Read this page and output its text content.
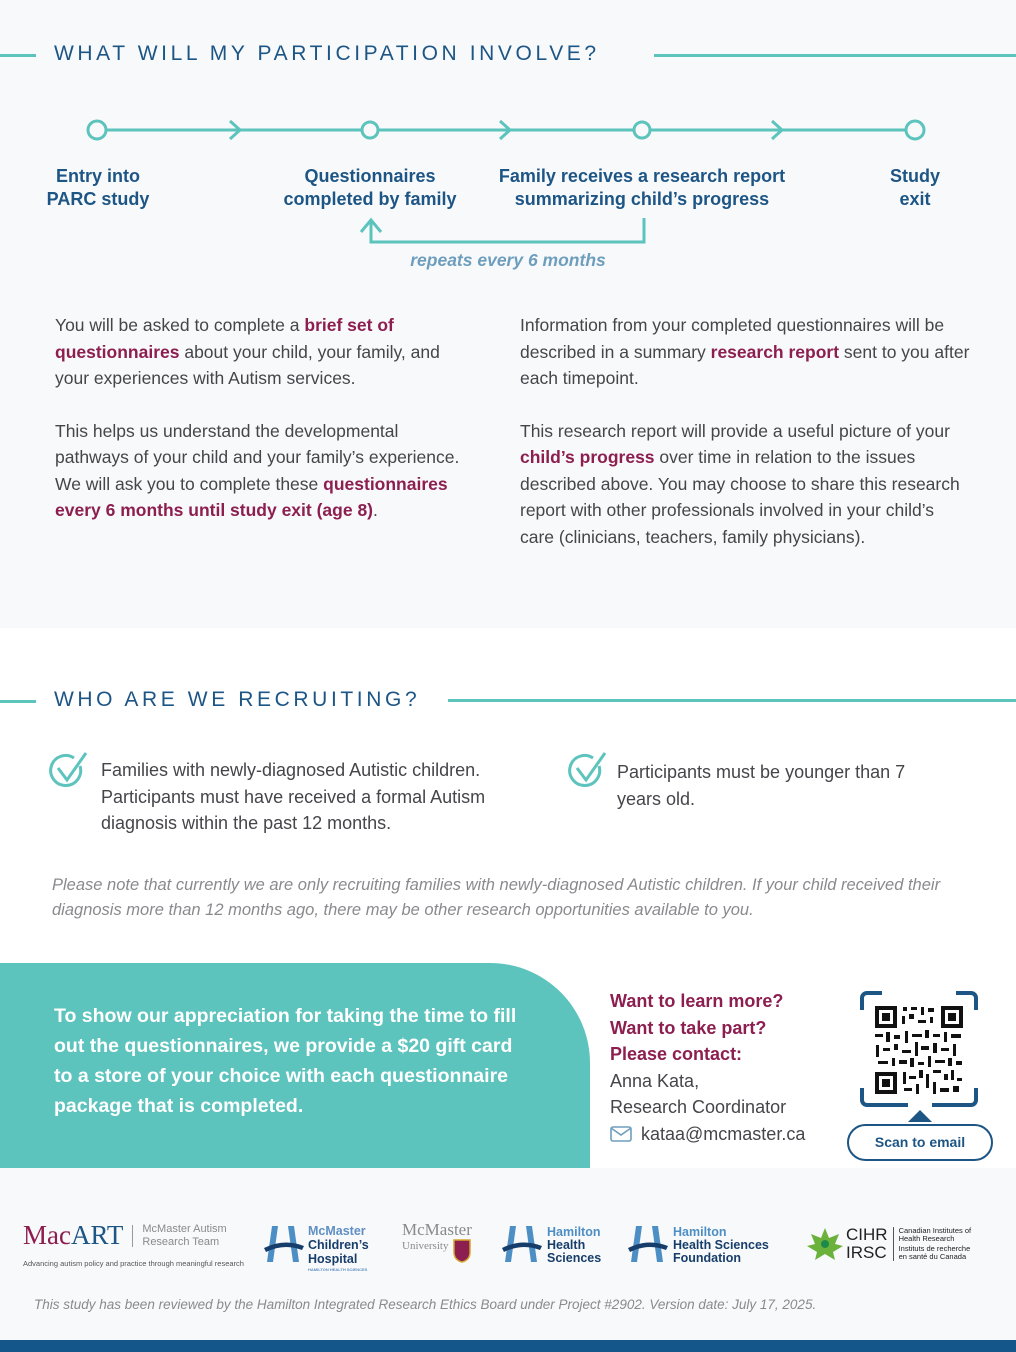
WHAT WILL MY PARTICIPATION INVOLVE?
Entry into
PARC study
Questionnaires
completed by family
Family receives a research report
summarizing child’s progress
Study
exit
repeats every 6 months

You will be asked to complete a brief set of questionnaires about your child, your family, and your experiences with Autism services.

This helps us understand the developmental pathways of your child and your family’s experience. We will ask you to complete these questionnaires every 6 months until study exit (age 8).

Information from your completed questionnaires will be described in a summary research report sent to you after each timepoint.

This research report will provide a useful picture of your child’s progress over time in relation to the issues described above. You may choose to share this research report with other professionals involved in your child’s care (clinicians, teachers, family physicians).

WHO ARE WE RECRUITING?
Families with newly-diagnosed Autistic children. Participants must have received a formal Autism diagnosis within the past 12 months.
Participants must be younger than 7 years old.
Please note that currently we are only recruiting families with newly-diagnosed Autistic children. If your child received their diagnosis more than 12 months ago, there may be other research opportunities available to you.
To show our appreciation for taking the time to fill out the questionnaires, we provide a $20 gift card to a store of your choice with each questionnaire package that is completed.
Want to learn more?
Want to take part?
Please contact:
Anna Kata,
Research Coordinator
kataa@mcmaster.ca	Scan to email
Mac ART McMaster Autism
Research Team
Advancing autism policy and practice through meaningful research
McMaster
Children’s
Hospital
HAMILTON HEALTH SCIENCES
McMaster
University
Hamilton
Health
Sciences
Hamilton
Health Sciences
Foundation
CIHR
IRSC
Canadian Institutes of
Health Research
Instituts de recherche
en santé du Canada
This study has been reviewed by the Hamilton Integrated Research Ethics Board under Project #2902. Version date: July 17, 2025.
